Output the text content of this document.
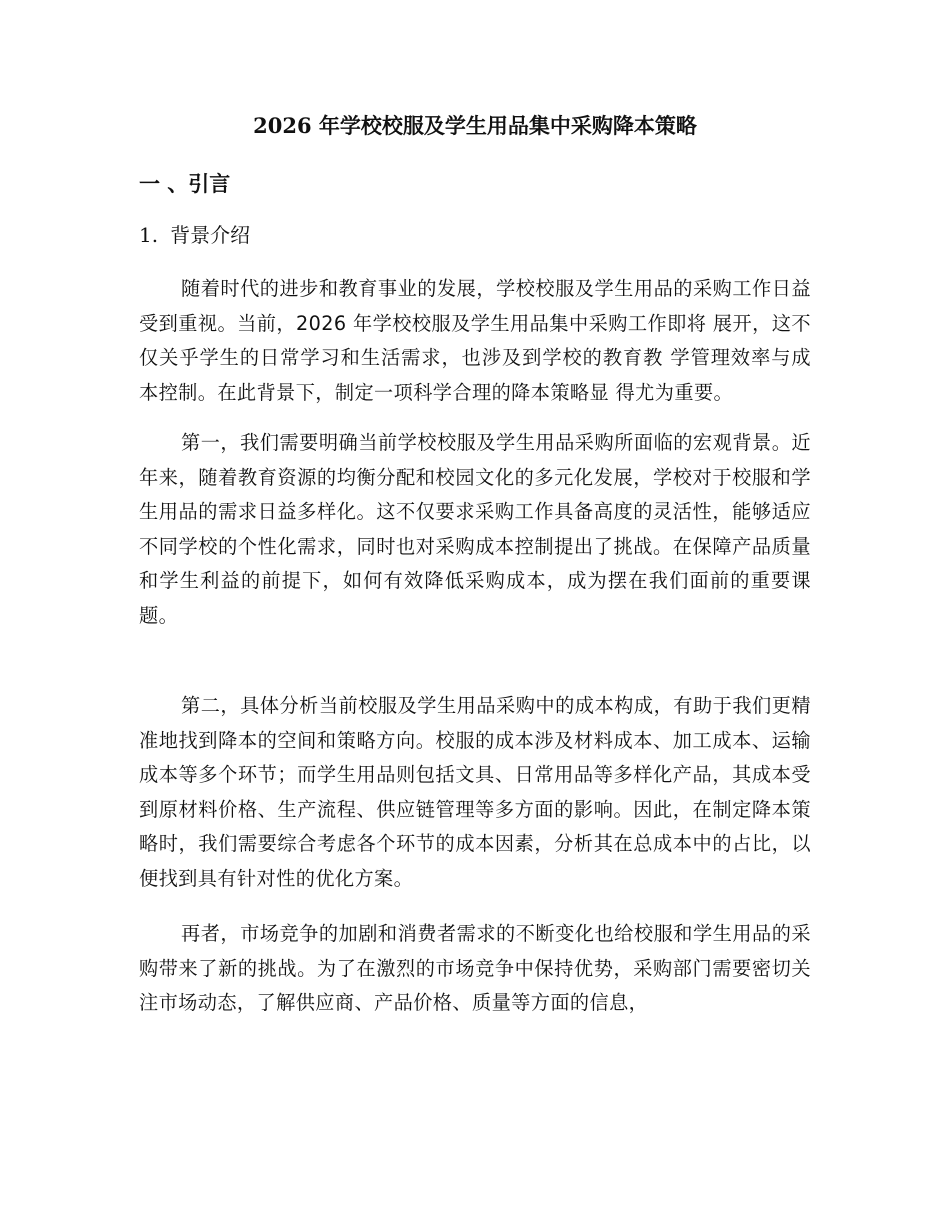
2026 年学校校服及学生用品集中采购降本策略
一 、引言
1. 背景介绍

随着时代的进步和教育事业的发展，学校校服及学生用品的采购工作日益受到重视。当前，2026 年学校校服及学生用品集中采购工作即将 展开，这不仅关乎学生的日常学习和生活需求，也涉及到学校的教育教 学管理效率与成本控制。在此背景下，制定一项科学合理的降本策略显 得尤为重要。

第一，我们需要明确当前学校校服及学生用品采购所面临的宏观背景。近年来，随着教育资源的均衡分配和校园文化的多元化发展，学校对于校服和学生用品的需求日益多样化。这不仅要求采购工作具备高度的灵活性，能够适应不同学校的个性化需求，同时也对采购成本控制提出了挑战。在保障产品质量和学生利益的前提下，如何有效降低采购成本，成为摆在我们面前的重要课题。

第二，具体分析当前校服及学生用品采购中的成本构成，有助于我们更精准地找到降本的空间和策略方向。校服的成本涉及材料成本、加工成本、运输成本等多个环节；而学生用品则包括文具、日常用品等多样化产品，其成本受到原材料价格、生产流程、供应链管理等多方面的影响。因此，在制定降本策略时，我们需要综合考虑各个环节的成本因素，分析其在总成本中的占比，以便找到具有针对性的优化方案。

再者，市场竞争的加剧和消费者需求的不断变化也给校服和学生用品的采购带来了新的挑战。为了在激烈的市场竞争中保持优势，采购部门需要密切关注市场动态，了解供应商、产品价格、质量等方面的信息，
